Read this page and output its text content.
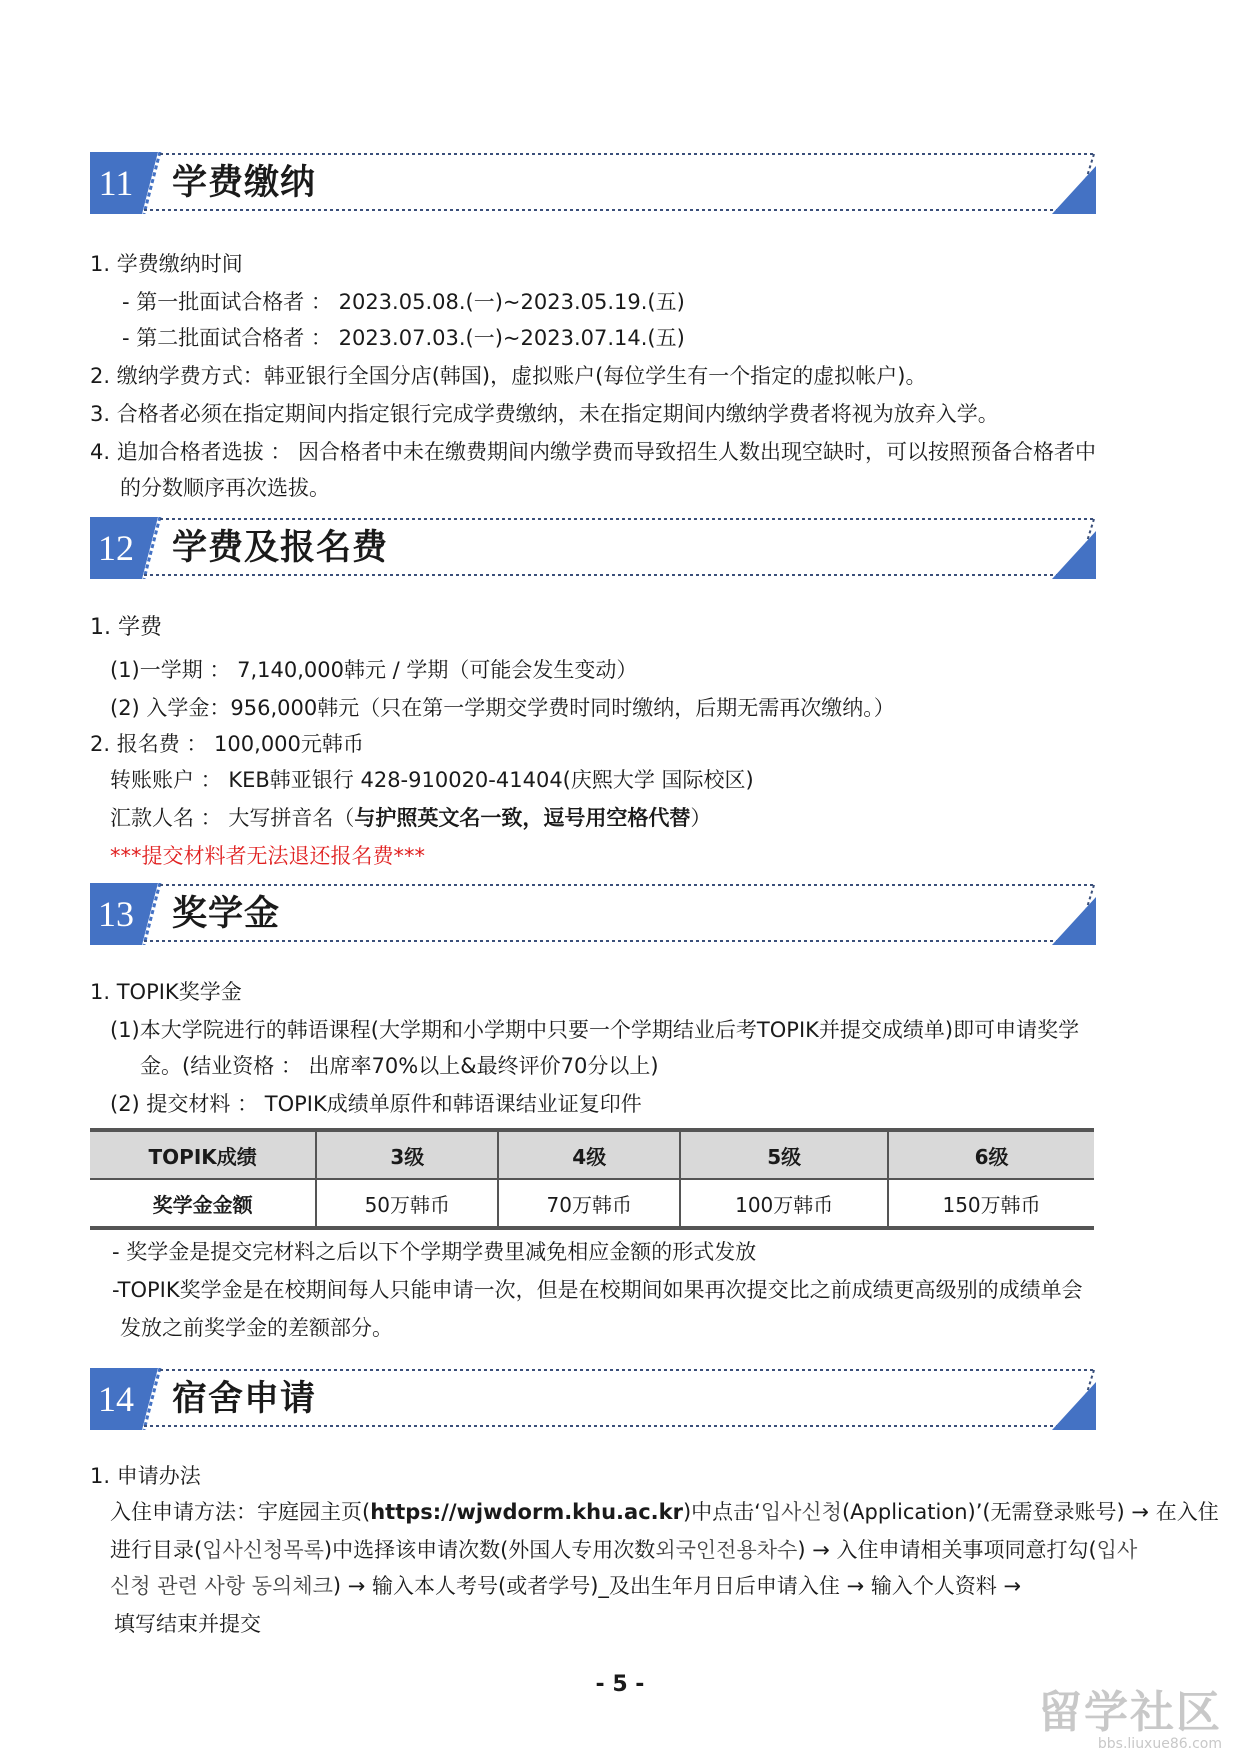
11 学费缴纳
1. 学费缴纳时间
- 第一批面试合格者 ： 2023.05.08.(一)~2023.05.19.(五)
- 第二批面试合格者 ： 2023.07.03.(一)~2023.07.14.(五)
2. 缴纳学费方式：韩亚银行全国分店(韩国)，虚拟账户(每位学生有一个指定的虚拟帐户)。
3. 合格者必须在指定期间内指定银行完成学费缴纳，未在指定期间内缴纳学费者将视为放弃入学。
4. 追加合格者选拔 ： 因合格者中未在缴费期间内缴学费而导致招生人数出现空缺时，可以按照预备合格者中
的分数顺序再次选拔。
12 学费及报名费
1. 学费
(1)一学期 ： 7,140,000韩元 / 学期（可能会发生变动）
(2) 入学金：956,000韩元（只在第一学期交学费时同时缴纳，后期无需再次缴纳。）
2. 报名费 ： 100,000元韩币
转账账户 ： KEB韩亚银行 428-910020-41404(庆熙大学 国际校区)
汇款人名 ： 大写拼音名（与护照英文名一致，逗号用空格代替）
***提交材料者无法退还报名费***
13 奖学金
1. TOPIK奖学金
(1)本大学院进行的韩语课程(大学期和小学期中只要一个学期结业后考TOPIK并提交成绩单)即可申请奖学
金。(结业资格 ： 出席率70%以上&最终评价70分以上)
(2) 提交材料 ： TOPIK成绩单原件和韩语课结业证复印件
TOPIK成绩	3级	4级	5级	6级
奖学金金额	50万韩币	70万韩币	100万韩币	150万韩币
- 奖学金是提交完材料之后以下个学期学费里减免相应金额的形式发放
-TOPIK奖学金是在校期间每人只能申请一次，但是在校期间如果再次提交比之前成绩更高级别的成绩单会
发放之前奖学金的差额部分。
14 宿舍申请
1. 申请办法
入住申请方法：宇庭园主页(https://wjwdorm.khu.ac.kr)中点击‘입사신청(Application)’(无需登录账号) → 在入住
进行目录(입사신청목록)中选择该申请次数(外国人专用次数외국인전용차수) → 入住申请相关事项同意打勾(입사
신청 관련 사항 동의체크) → 输入本人考号(或者学号)_及出生年月日后申请入住 → 输入个人资料 →
填写结束并提交
- 5 -
留学社区
bbs.liuxue86.com
